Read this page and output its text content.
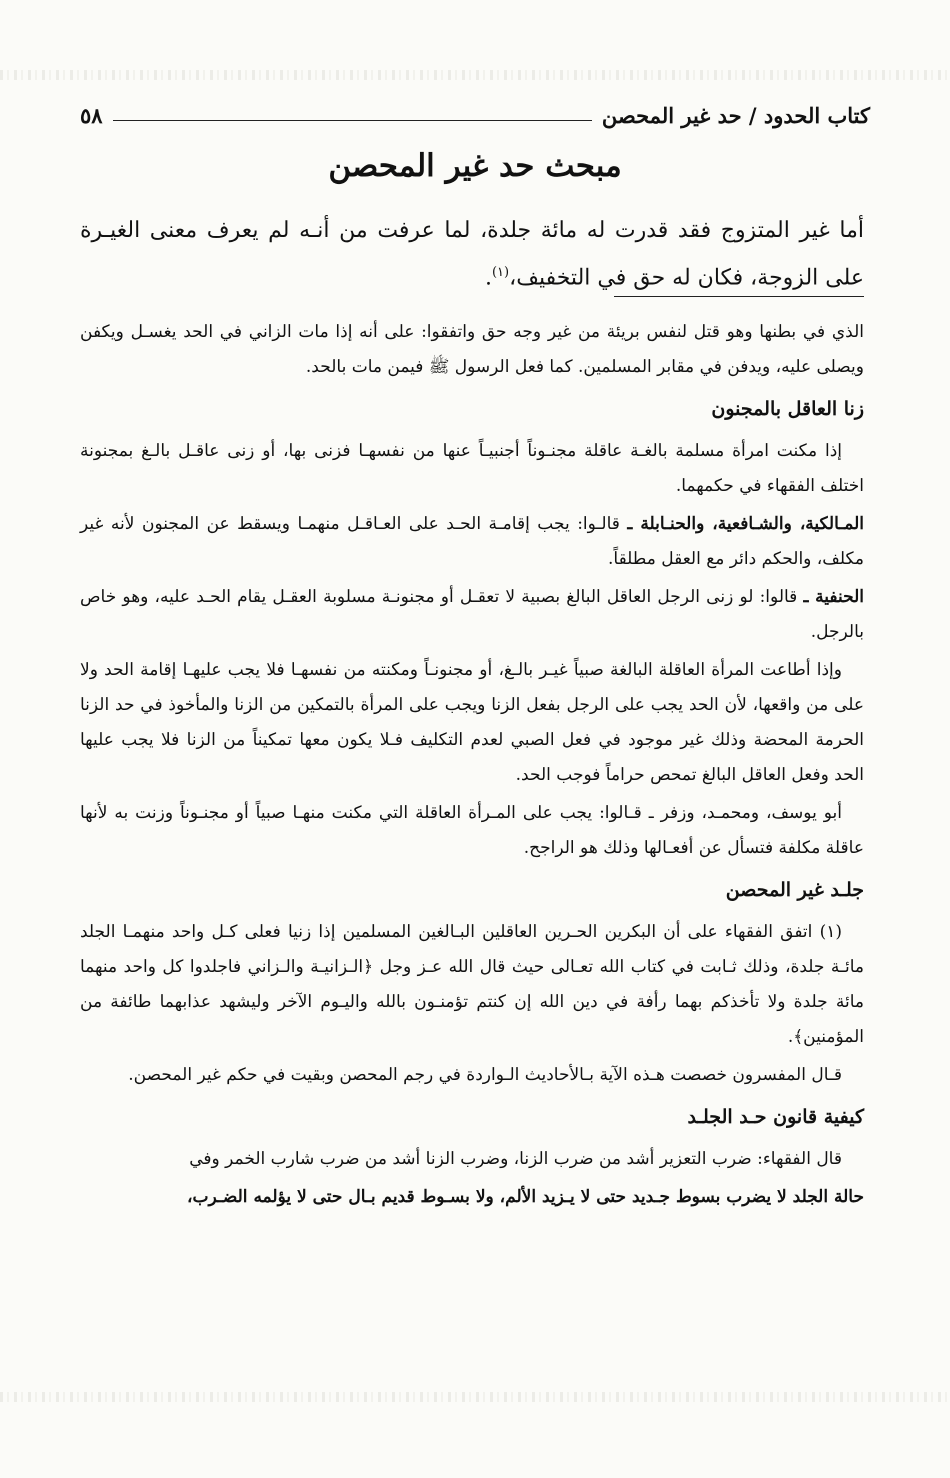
كتاب الحدود / حد غير المحصن
٥٨
مبحث حد غير المحصن
أما غير المتزوج فقد قدرت له مائة جلدة، لما عرفت من أنـه لم يعرف معنى الغيـرة على الزوجة، فكان له حق في التخفيف،$^{(١)}$.

الذي في بطنها وهو قتل لنفس بريئة من غير وجه حق واتفقوا: على أنه إذا مات الزاني في الحد يغسـل ويكفن ويصلى عليه، ويدفن في مقابر المسلمين. كما فعل الرسول ﷺ فيمن مات بالحد.

زنا العاقل بالمجنون

إذا مكنت امرأة مسلمة بالغـة عاقلة مجنـوناً أجنبيـاً عنها من نفسهـا فزنى بها، أو زنى عاقـل بالـغ بمجنونة اختلف الفقهاء في حكمهما.

المـالكية، والشـافعية، والحنـابلة ـ قالـوا: يجب إقامـة الحـد على العـاقـل منهمـا ويسقط عن المجنون لأنه غير مكلف، والحكم دائر مع العقل مطلقاً.

الحنفية ـ قالوا: لو زنى الرجل العاقل البالغ بصبية لا تعقـل أو مجنونـة مسلوبة العقـل يقام الحـد عليه، وهو خاص بالرجل.

وإذا أطاعت المرأة العاقلة البالغة صبياً غيـر بالـغ، أو مجنونـاً ومكنته من نفسهـا فلا يجب عليهـا إقامة الحد ولا على من واقعها، لأن الحد يجب على الرجل بفعل الزنا ويجب على المرأة بالتمكين من الزنا والمأخوذ في حد الزنا الحرمة المحضة وذلك غير موجود في فعل الصبي لعدم التكليف فـلا يكون معها تمكيناً من الزنا فلا يجب عليها الحد وفعل العاقل البالغ تمحص حراماً فوجب الحد.

أبو يوسف، ومحمـد، وزفر ـ قـالوا: يجب على المـرأة العاقلة التي مكنت منهـا صبياً أو مجنـوناً وزنت به لأنها عاقلة مكلفة فتسأل عن أفعـالها وذلك هو الراجح.

جلـد غير المحصن

(١) اتفق الفقهاء على أن البكرين الحـرين العاقلين البـالغين المسلمين إذا زنيا فعلى كـل واحد منهمـا الجلد مائـة جلدة، وذلك ثـابت في كتاب الله تعـالى حيث قال الله عـز وجل ﴿الـزانيـة والـزاني فاجلدوا كل واحد منهما مائة جلدة ولا تأخذكم بهما رأفة في دين الله إن كنتم تؤمنـون بالله واليـوم الآخر وليشهد عذابهما طائفة من المؤمنين﴾.

قـال المفسرون خصصت هـذه الآية بـالأحاديث الـواردة في رجم المحصن وبقيت في حكم غير المحصن.

كيفية قانون حـد الجلـد

قال الفقهاء: ضرب التعزير أشد من ضرب الزنا، وضرب الزنا أشد من ضرب شارب الخمر وفي

حالة الجلد لا يضرب بسوط جـديد حتى لا يـزيد الألم، ولا بسـوط قديم بـال حتى لا يؤلمه الضـرب،
